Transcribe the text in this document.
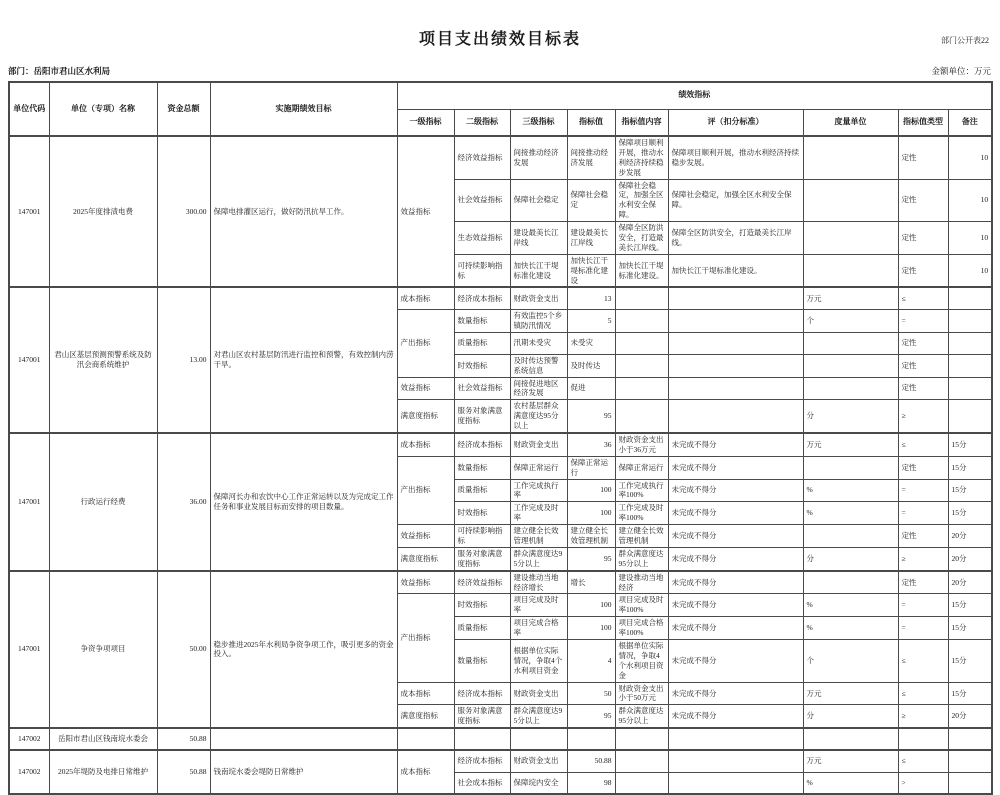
部门公开表22
项目支出绩效目标表
部门：岳阳市君山区水利局	金额单位：万元
单位代码	单位（专项）名称	资金总额	实施期绩效目标	绩效指标								
				一级指标	二级指标	三级指标	指标值	指标值内容	评（扣分标准）	度量单位	指标值类型	备注
147001	2025年度排渍电费	300.00	保障电排灌区运行，做好防汛抗旱工作。	效益指标	经济效益指标	间接推动经济发展	间接推动经济发展	保障项目顺利开展，推动水利经济持续稳步发展	保障项目顺利开展，推动水利经济持续稳步发展。		定性	10
					社会效益指标	保障社会稳定	保障社会稳定	保障社会稳定，加强全区水利安全保障。	保障社会稳定，加强全区水利安全保障。		定性	10
					生态效益指标	建设最美长江岸线	建设最美长江岸线	保障全区防洪安全，打造最美长江岸线。	保障全区防洪安全，打造最美长江岸线。		定性	10
					可持续影响指标	加快长江干堤标准化建设	加快长江干堤标准化建设	加快长江干堤标准化建设。	加快长江干堤标准化建设。		定性	10
147001	君山区基层预测预警系统及防汛会商系统维护	13.00	对君山区农村基层防汛进行监控和预警，有效控制内涝干旱。	成本指标	经济成本指标	财政资金支出	13			万元	≤	
				产出指标	数量指标	有效监控5个乡镇防汛情况	5			个	=	
					质量指标	汛期未受灾	未受灾				定性	
					时效指标	及时传达预警系统信息	及时传达				定性	
				效益指标	社会效益指标	间接促进地区经济发展	促进				定性	
				满意度指标	服务对象满意度指标	农村基层群众满意度达95分以上	95			分	≥	
147001	行政运行经费	36.00	保障河长办和农饮中心工作正常运转以及为完成定工作任务和事业发展目标而安排的项目数量。	成本指标	经济成本指标	财政资金支出	36	财政资金支出小于36万元	未完成不得分	万元	≤	15分
				产出指标	数量指标	保障正常运行	保障正常运行	保障正常运行	未完成不得分		定性	15分
					质量指标	工作完成执行率	100	工作完成执行率100%	未完成不得分	%	=	15分
					时效指标	工作完成及时率	100	工作完成及时率100%	未完成不得分	%	=	15分
				效益指标	可持续影响指标	建立健全长效管理机制	建立健全长效管理机制	建立健全长效管理机制	未完成不得分		定性	20分
				满意度指标	服务对象满意度指标	群众满意度达95分以上	95	群众满意度达95分以上	未完成不得分	分	≥	20分
147001	争资争项项目	50.00	稳步推进2025年水利局争资争项工作，吸引更多的资金投入。	效益指标	经济效益指标	建设推动当地经济增长	增长	建设推动当地经济	未完成不得分		定性	20分
				产出指标	时效指标	项目完成及时率	100	项目完成及时率100%	未完成不得分	%	=	15分
					质量指标	项目完成合格率	100	项目完成合格率100%	未完成不得分	%	=	15分
					数量指标	根据单位实际情况，争取4个水利项目资金	4	根据单位实际情况，争取4个水利项目资金	未完成不得分	个	≤	15分
				成本指标	经济成本指标	财政资金支出	50	财政资金支出小于50万元	未完成不得分	万元	≤	15分
				满意度指标	服务对象满意度指标	群众满意度达95分以上	95	群众满意度达95分以上	未完成不得分	分	≥	20分
147002	岳阳市君山区钱南垸水委会	50.88										
147002	2025年堤防及电排日常维护	50.88	钱南垸水委会堤防日常维护	成本指标	经济成本指标	财政资金支出	50.88			万元	≤	
					社会成本指标	保障垸内安全	98			%	>	
